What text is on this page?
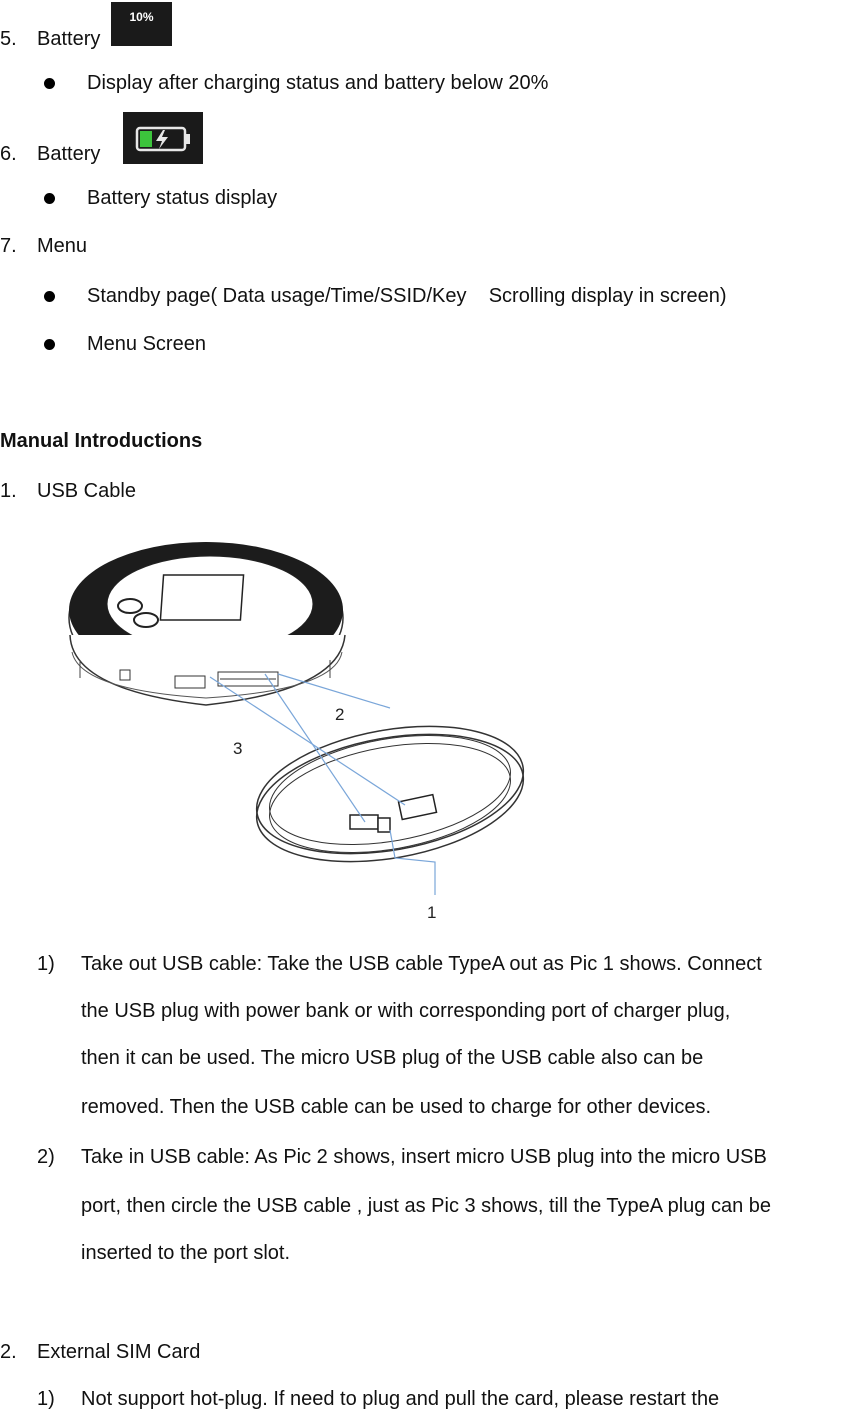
5. Battery
10%
Display after charging status and battery below 20%
6. Battery
Battery status display
7. Menu
Standby page( Data usage/Time/SSID/Key    Scrolling display in screen)
Menu Screen
Manual Introductions
1. USB Cable
1
2
3
1) Take out USB cable: Take the USB cable TypeA out as Pic 1 shows. Connect
the USB plug with power bank or with corresponding port of charger plug,
then it can be used. The micro USB plug of the USB cable also can be
removed. Then the USB cable can be used to charge for other devices.
2) Take in USB cable: As Pic 2 shows, insert micro USB plug into the micro USB
port, then circle the USB cable , just as Pic 3 shows, till the TypeA plug can be
inserted to the port slot.
2. External SIM Card
1) Not support hot-plug. If need to plug and pull the card, please restart the
